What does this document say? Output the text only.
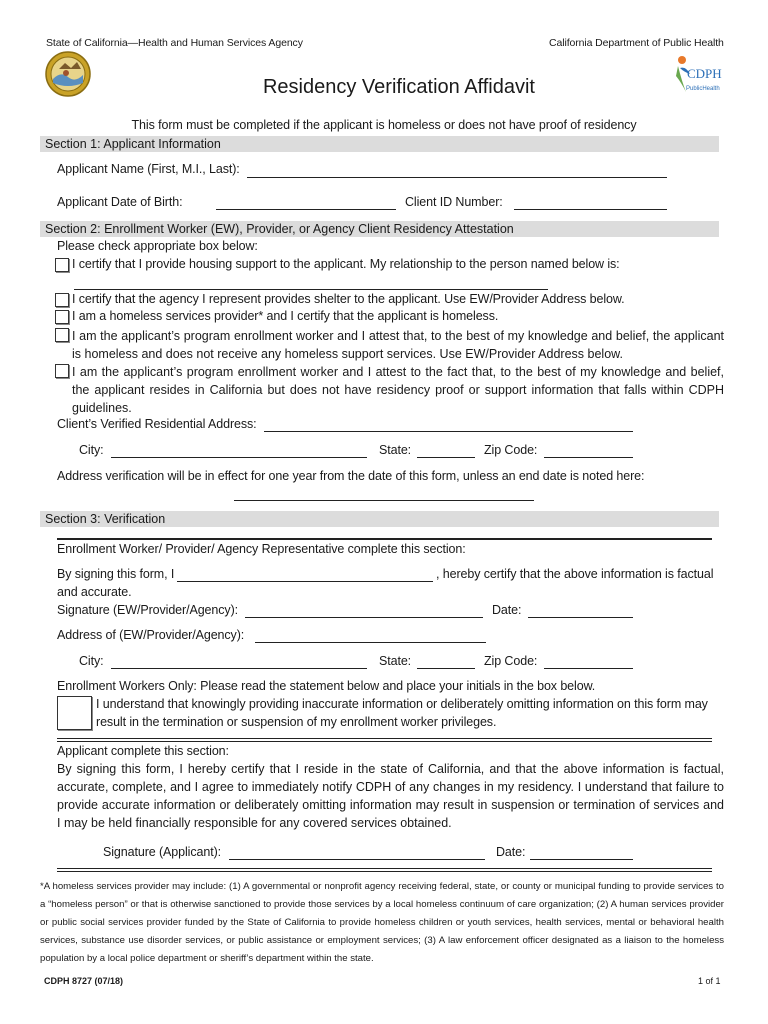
State of California—Health and Human Services Agency	California Department of Public Health
Residency Verification Affidavit
CDPH
PublicHealth
This form must be completed if the applicant is homeless or does not have proof of residency
Section 1: Applicant Information
Applicant Name (First, M.I., Last):
Applicant Date of Birth:	Client ID Number:
Section 2: Enrollment Worker (EW), Provider, or Agency Client Residency Attestation
Please check appropriate box below:
I certify that I provide housing support to the applicant. My relationship to the person named below is:
I certify that the agency I represent provides shelter to the applicant. Use EW/Provider Address below.
I am a homeless services provider* and I certify that the applicant is homeless.
I am the applicant’s program enrollment worker and I attest that, to the best of my knowledge and belief, the applicant is homeless and does not receive any homeless support services. Use EW/Provider Address below.
I am the applicant’s program enrollment worker and I attest to the fact that, to the best of my knowledge and belief, the applicant resides in California but does not have residency proof or support information that falls within CDPH guidelines.
Client’s Verified Residential Address:
City:	State:	Zip Code:
Address verification will be in effect for one year from the date of this form, unless an end date is noted here:
Section 3: Verification
Enrollment Worker/ Provider/ Agency Representative complete this section:
By signing this form, I	, hereby certify that the above information is factual
and accurate.
Signature (EW/Provider/Agency):	Date:
Address of (EW/Provider/Agency):
City:	State:	Zip Code:
Enrollment Workers Only: Please read the statement below and place your initials in the box below.
I understand that knowingly providing inaccurate information or deliberately omitting information on this form may
result in the termination or suspension of my enrollment worker privileges.
Applicant complete this section:
By signing this form, I hereby certify that I reside in the state of California, and that the above information is factual, accurate, complete, and I agree to immediately notify CDPH of any changes in my residency. I understand that failure to provide accurate information or deliberately omitting information may result in suspension or termination of services and I may be held financially responsible for any covered services obtained.
Signature (Applicant):	Date:
*A homeless services provider may include: (1) A governmental or nonprofit agency receiving federal, state, or county or municipal funding to provide services to a “homeless person” or that is otherwise sanctioned to provide those services by a local homeless continuum of care organization; (2) A human services provider or public social services provider funded by the State of California to provide homeless children or youth services, health services, mental or behavioral health services, substance use disorder services, or public assistance or employment services; (3) A law enforcement officer designated as a liaison to the homeless population by a local police department or sheriff’s department within the state.
CDPH 8727 (07/18)	1 of 1
